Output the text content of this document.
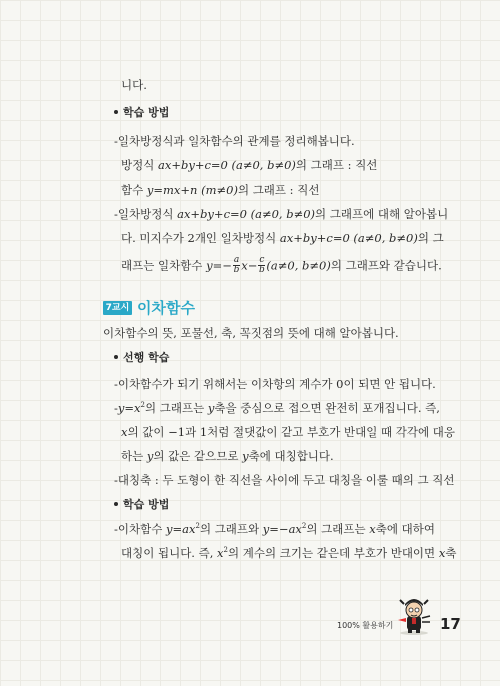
니다.
학습 방법
-일차방정식과 일차함수의 관계를 정리해봅니다.
방정식 ax+by+c=0 (a≠0, b≠0)의 그래프 : 직선
함수 y=mx+n (m≠0)의 그래프 : 직선
-일차방정식 ax+by+c=0 (a≠0, b≠0)의 그래프에 대해 알아봅니
다. 미지수가 2개인 일차방정식 ax+by+c=0 (a≠0, b≠0)의 그
래프는 일차함수 $y=- \frac{a}{b} x- \frac{c}{b} (a\ne 0$, b≠0)의 그래프와 같습니다.
7교시 이차함수
이차함수의 뜻, 포물선, 축, 꼭짓점의 뜻에 대해 알아봅니다.
선행 학습
-이차함수가 되기 위해서는 이차항의 계수가 0이 되면 안 됩니다.
$-y=x^2$의 그래프는 y축을 중심으로 접으면 완전히 포개집니다. 즉,
x의 값이 −1과 1처럼 절댓값이 같고 부호가 반대일 때 각각에 대응
하는 y의 값은 같으므로 y축에 대칭합니다.
-대칭축 : 두 도형이 한 직선을 사이에 두고 대칭을 이룰 때의 그 직선
학습 방법
-이차함수 $y=ax^2$의 그래프와 $y=-ax^2$의 그래프는 x축에 대하여
대칭이 됩니다. 즉, $x^2$의 계수의 크기는 같은데 부호가 반대이면 x축
100% 활용하기	17
